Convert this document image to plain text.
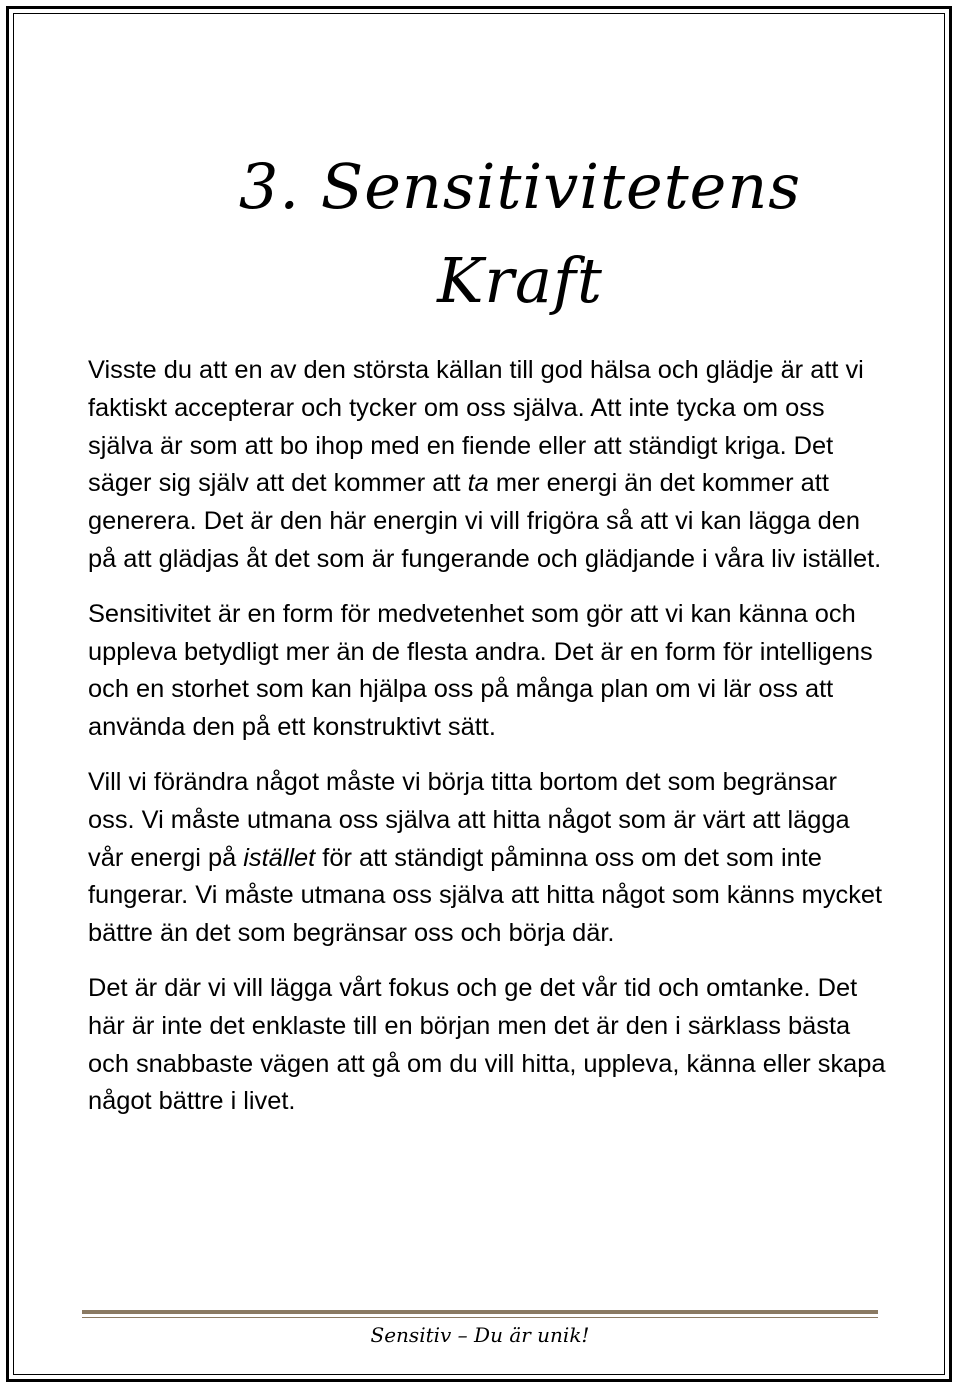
3. Sensitivitetens
Kraft

Visste du att en av den största källan till god hälsa och glädje är att vi faktiskt accepterar och tycker om oss själva. Att inte tycka om oss själva är som att bo ihop med en fiende eller att ständigt kriga. Det säger sig själv att det kommer att ta mer energi än det kommer att generera. Det är den här energin vi vill frigöra så att vi kan lägga den på att glädjas åt det som är fungerande och glädjande i våra liv istället.

Sensitivitet är en form för medvetenhet som gör att vi kan känna och uppleva betydligt mer än de flesta andra. Det är en form för intelligens och en storhet som kan hjälpa oss på många plan om vi lär oss att använda den på ett konstruktivt sätt.

Vill vi förändra något måste vi börja titta bortom det som begränsar oss. Vi måste utmana oss själva att hitta något som är värt att lägga vår energi på istället för att ständigt påminna oss om det som inte fungerar. Vi måste utmana oss själva att hitta något som känns mycket bättre än det som begränsar oss och börja där.

Det är där vi vill lägga vårt fokus och ge det vår tid och omtanke. Det här är inte det enklaste till en början men det är den i särklass bästa och snabbaste vägen att gå om du vill hitta, uppleva, känna eller skapa något bättre i livet.

Sensitiv – Du är unik!
